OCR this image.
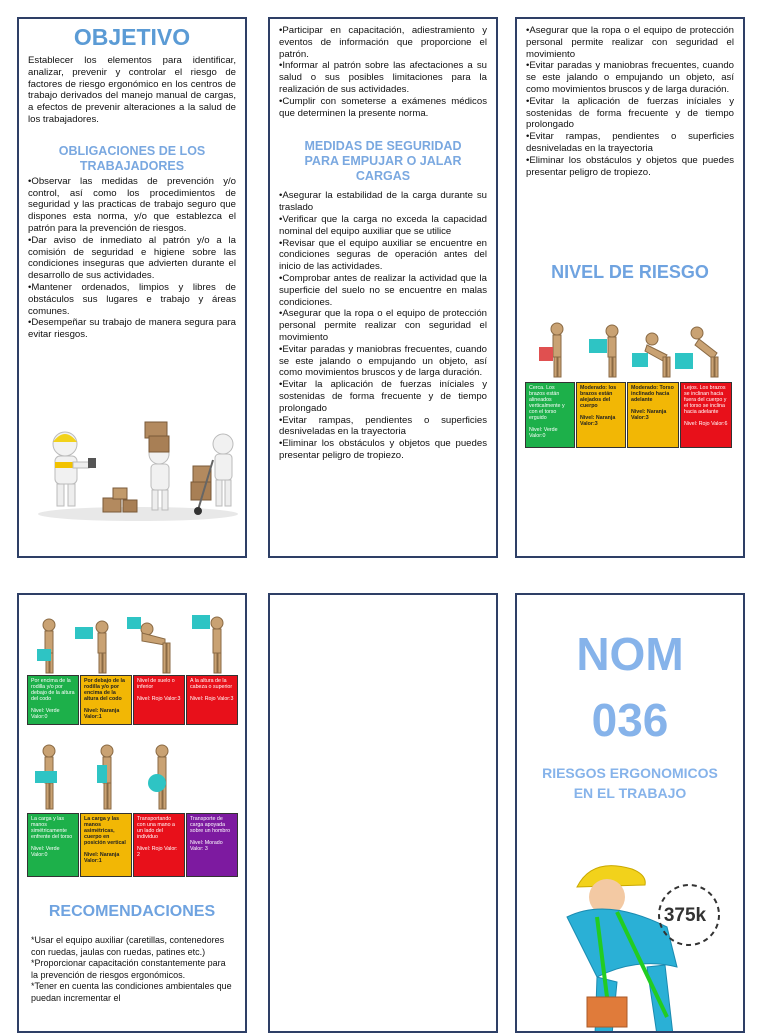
OBJETIVO

Establecer los elementos para identificar, analizar, prevenir y controlar el riesgo de factores de riesgo ergonómico en los centros de trabajo derivados del manejo manual de cargas, a efectos de prevenir alteraciones a la salud de los trabajadores.

OBLIGACIONES DE LOS TRABAJADORES

•Observar las medidas de prevención y/o control, así como los procedimientos de seguridad y las practicas de trabajo seguro que dispones esta norma, y/o que establezca el patrón para la prevención de riesgos.

•Dar aviso de inmediato al patrón y/o a la comisión de seguridad e higiene sobre las condiciones inseguras que advierten durante el desarrollo de sus actividades.

•Mantener ordenados, limpios y libres de obstáculos sus lugares e trabajo y áreas comunes.

•Desempeñar su trabajo de manera segura para evitar riesgos.

•Participar en capacitación, adiestramiento y eventos de información que proporcione el patrón.

•Informar al patrón sobre las afectaciones a su salud o sus posibles limitaciones para la realización de sus actividades.

•Cumplir con someterse a exámenes médicos que determinen la presente norma.

MEDIDAS DE SEGURIDAD PARA EMPUJAR O JALAR CARGAS

•Asegurar la estabilidad de la carga durante su traslado

•Verificar que la carga no exceda la capacidad nominal del equipo auxiliar que se utilice

•Revisar que el equipo auxiliar se encuentre en condiciones seguras de operación antes del inicio de las actividades.

•Comprobar antes de realizar la actividad que la superficie del suelo no se encuentre en malas condiciones.

•Asegurar que la ropa o el equipo de protección personal permite realizar con seguridad el movimiento

•Evitar paradas y maniobras frecuentes, cuando se este jalando o empujando un objeto, así como movimientos bruscos y de larga duración.

•Evitar la aplicación de fuerzas iníciales y sostenidas de forma frecuente y de tiempo prolongado

•Evitar rampas, pendientes o superficies desniveladas en la trayectoria

•Eliminar los obstáculos y objetos que puedes presentar peligro de tropiezo.

•Asegurar que la ropa o el equipo de protección personal permite realizar con seguridad el movimiento

•Evitar paradas y maniobras frecuentes, cuando se este jalando o empujando un objeto, así como movimientos bruscos y de larga duración.

•Evitar la aplicación de fuerzas iníciales y sostenidas de forma frecuente y de tiempo prolongado

•Evitar rampas, pendientes o superficies desniveladas en la trayectoria

•Eliminar los obstáculos y objetos que puedes presentar peligro de tropiezo.

NIVEL DE RIESGO
Cerca. Los brazos están alineados verticalmente y con el torso erguido
Nivel: Verde Valor:0
Moderado: los brazos están alejados del cuerpo
Nivel: Naranja Valor:3
Moderado: Torso inclinado hacia adelante
Nivel: Naranja Valor:3
Lejos. Los brazos se inclinan hacia fuera del cuerpo y el torso se inclina hacia adelante
Nivel: Rojo Valor:6
Por encima de la rodilla y/o por debajo de la altura del codo
Nivel: Verde Valor:0
Por debajo de la rodilla y/o por encima de la altura del codo
Nivel: Naranja Valor:1
Nivel de suelo o inferior
Nivel: Rojo Valor:3
A la altura de la cabeza o superior
Nivel: Rojo Valor:3
La carga y las manos simétricamente enfrente del torso
Nivel: Verde Valor:0
La carga y las manos asimétricas, cuerpo en posición vertical
Nivel: Naranja Valor:1
Transportando con una mano a un lado del individuo
Nivel: Rojo Valor: 2
Transporte de carga apoyada sobre un hombro
Nivel: Morado Valor: 3
RECOMENDACIONES

*Usar el equipo auxiliar (caretillas, contenedores con ruedas, jaulas con ruedas, patines etc.)

*Proporcionar capacitación constantemente para la prevención de riesgos ergonómicos.

*Tener en cuenta las condiciones ambientales que puedan incrementar el

NOM
036
RIESGOS ERGONOMICOS EN EL TRABAJO
375k
